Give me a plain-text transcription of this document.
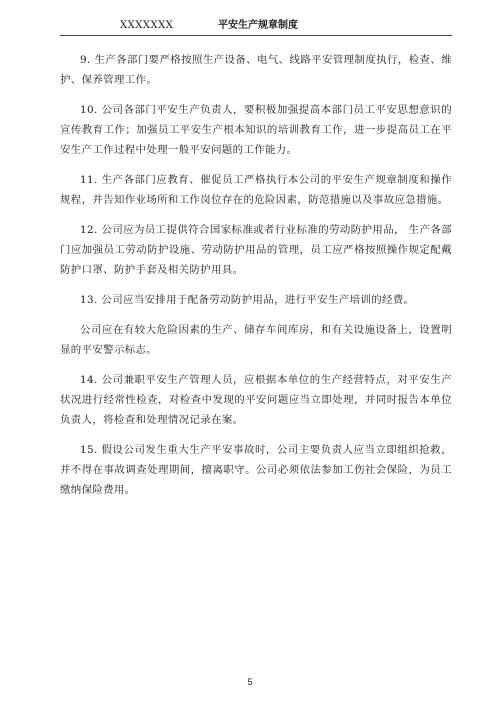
XXXXXXX	平安生产规章制度

9. 生产各部门要严格按照生产设备、电气、线路平安管理制度执行，检查、维护、保养管理工作。

10. 公司各部门平安生产负责人，要积极加强提高本部门员工平安思想意识的宣传教育工作；加强员工平安生产根本知识的培训教育工作，进一步提高员工在平安生产工作过程中处理一般平安问题的工作能力。

11. 生产各部门应教育、催促员工严格执行本公司的平安生产规章制度和操作规程，并告知作业场所和工作岗位存在的危险因素，防范措施以及事故应急措施。

12. 公司应为员工提供符合国家标准或者行业标准的劳动防护用品， 生产各部门应加强员工劳动防护设施、劳动防护用品的管理，员工应严格按照操作规定配戴防护口罩、防护手套及相关防护用具。

13. 公司应当安排用于配备劳动防护用品，进行平安生产培训的经费。

公司应在有较大危险因素的生产、储存车间库房，和有关设施设备上，设置明显的平安警示标志。

14. 公司兼职平安生产管理人员，应根据本单位的生产经营特点，对平安生产状况进行经常性检查，对检查中发现的平安问题应当立即处理，并同时报告本单位负责人，将检查和处理情况记录在案。

15. 假设公司发生重大生产平安事故时，公司主要负责人应当立即组织抢救，并不得在事故调查处理期间，擅离职守。公司必须依法参加工伤社会保险，为员工缴纳保险费用。

5
